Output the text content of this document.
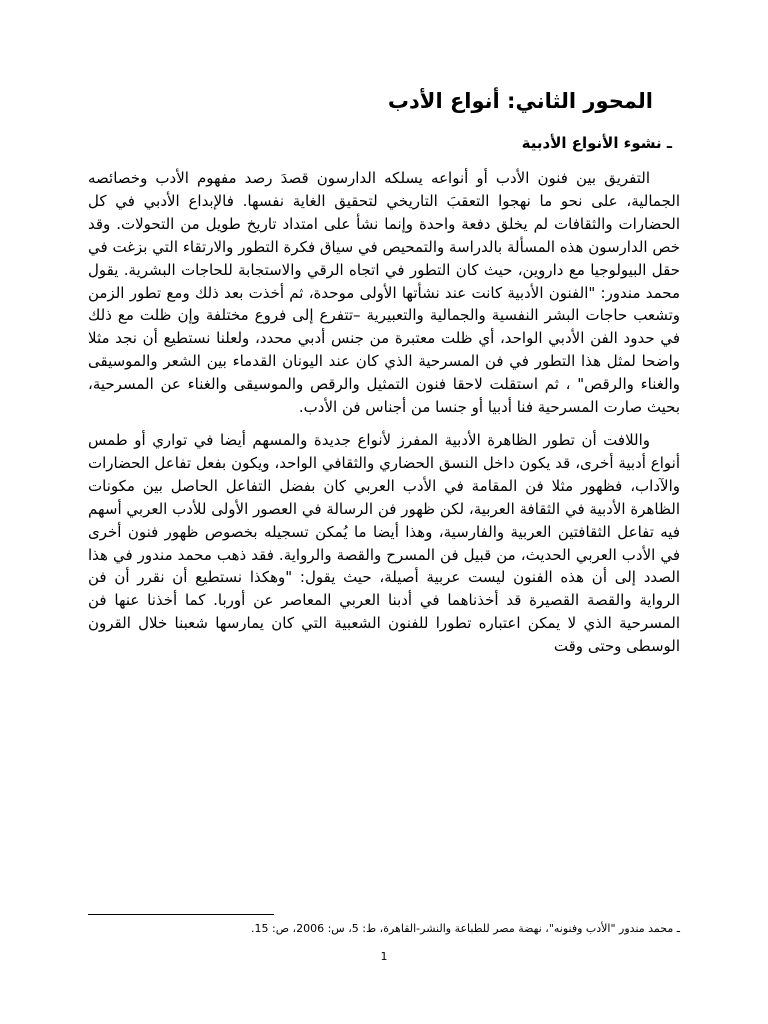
المحور الثاني: أنواع الأدب
ـ نشوء الأنواع الأدبية

التفريق بين فنون الأدب أو أنواعه يسلكه الدارسون قصدَ رصد مفهوم الأدب وخصائصه الجمالية، على نحو ما نهجوا التعقبَ التاريخي لتحقيق الغاية نفسها. فالإبداع الأدبي في كل الحضارات والثقافات لم يخلق دفعة واحدة وإنما نشأ على امتداد تاريخ طويل من التحولات. وقد خص الدارسون هذه المسألة بالدراسة والتمحيص في سياق فكرة التطور والارتقاء التي بزغت في حقل البيولوجيا مع داروين، حيث كان التطور في اتجاه الرقي والاستجابة للحاجات البشرية. يقول محمد مندور: "الفنون الأدبية كانت عند نشأتها الأولى موحدة، ثم أخذت بعد ذلك ومع تطور الزمن وتشعب حاجات البشر النفسية والجمالية والتعبيرية –تتفرع إلى فروع مختلفة وإن ظلت مع ذلك في حدود الفن الأدبي الواحد، أي ظلت معتبرة من جنس أدبي محدد، ولعلنا نستطيع أن نجد مثلا واضحا لمثل هذا التطور في فن المسرحية الذي كان عند اليونان القدماء بين الشعر والموسيقى والغناء والرقص" ، ثم استقلت لاحقا فنون التمثيل والرقص والموسيقى والغناء عن المسرحية، بحيث صارت المسرحية فنا أدبيا أو جنسا من أجناس فن الأدب.

واللافت أن تطور الظاهرة الأدبية المفرز لأنواع جديدة والمسهم أيضا في تواري أو طمس أنواع أدبية أخرى، قد يكون داخل النسق الحضاري والثقافي الواحد، ويكون بفعل تفاعل الحضارات والآداب، فظهور مثلا فن المقامة في الأدب العربي كان بفضل التفاعل الحاصل بين مكونات الظاهرة الأدبية في الثقافة العربية، لكن ظهور فن الرسالة في العصور الأولى للأدب العربي أسهم فيه تفاعل الثقافتين العربية والفارسية، وهذا أيضا ما يُمكن تسجيله بخصوص ظهور فنون أخرى في الأدب العربي الحديث، من قبيل فن المسرح والقصة والرواية. فقد ذهب محمد مندور في هذا الصدد إلى أن هذه الفنون ليست عربية أصيلة، حيث يقول: "وهكذا نستطيع أن نقرر أن فن الرواية والقصة القصيرة قد أخذناهما في أدبنا العربي المعاصر عن أوربا. كما أخذنا عنها فن المسرحية الذي لا يمكن اعتباره تطورا للفنون الشعبية التي كان يمارسها شعبنا خلال القرون الوسطى وحتى وقت

ـ محمد مندور "الأدب وفنونه"، نهضة مصر للطباعة والنشر-القاهرة، ط: 5، س: 2006، ص: 15.

1
